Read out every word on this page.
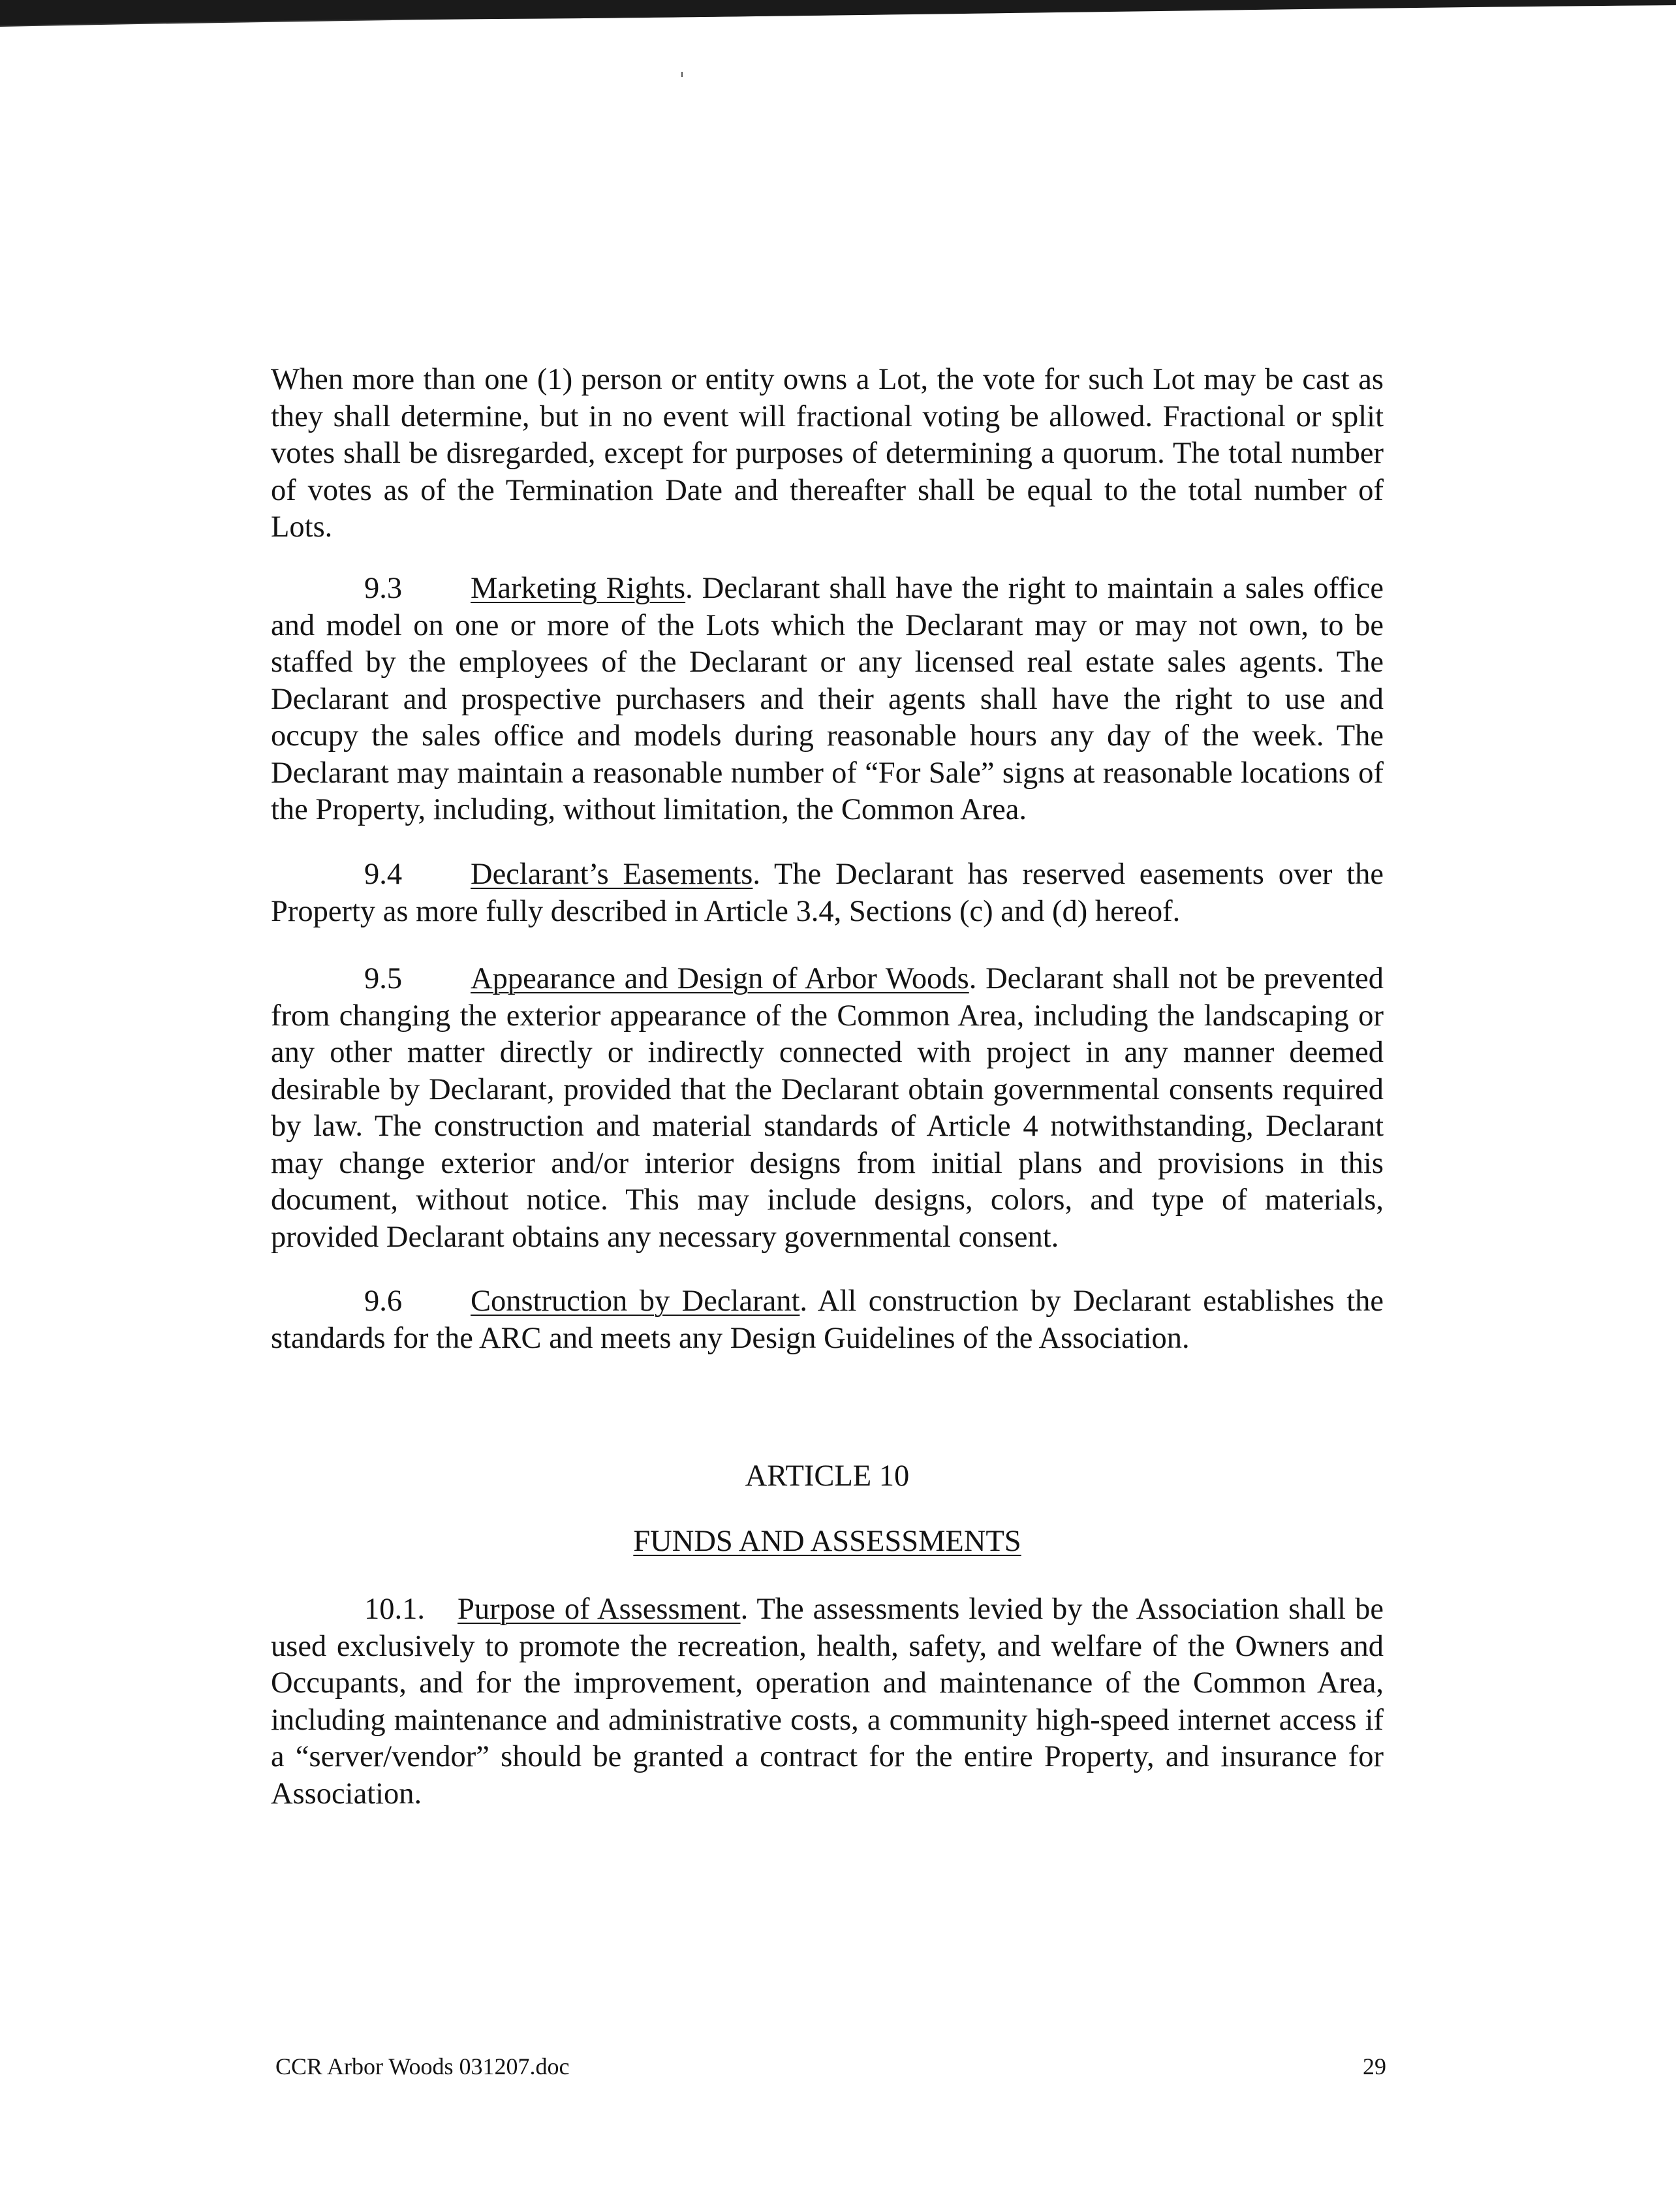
When more than one (1) person or entity owns a Lot, the vote for such Lot may be cast as they shall determine, but in no event will fractional voting be allowed. Fractional or split votes shall be disregarded, except for purposes of determining a quorum. The total number of votes as of the Termination Date and thereafter shall be equal to the total number of Lots.

9.3 Marketing Rights. Declarant shall have the right to maintain a sales office and model on one or more of the Lots which the Declarant may or may not own, to be staffed by the employees of the Declarant or any licensed real estate sales agents. The Declarant and prospective purchasers and their agents shall have the right to use and occupy the sales office and models during reasonable hours any day of the week. The Declarant may maintain a reasonable number of “For Sale” signs at reasonable locations of the Property, including, without limitation, the Common Area.

9.4 Declarant’s Easements. The Declarant has reserved easements over the Property as more fully described in Article 3.4, Sections (c) and (d) hereof.

9.5 Appearance and Design of Arbor Woods. Declarant shall not be prevented from changing the exterior appearance of the Common Area, including the landscaping or any other matter directly or indirectly connected with project in any manner deemed desirable by Declarant, provided that the Declarant obtain governmental consents required by law. The construction and material standards of Article 4 notwithstanding, Declarant may change exterior and/or interior designs from initial plans and provisions in this document, without notice. This may include designs, colors, and type of materials, provided Declarant obtains any necessary governmental consent.

9.6 Construction by Declarant. All construction by Declarant establishes the standards for the ARC and meets any Design Guidelines of the Association.

ARTICLE 10

FUNDS AND ASSESSMENTS

10.1. Purpose of Assessment. The assessments levied by the Association shall be used exclusively to promote the recreation, health, safety, and welfare of the Owners and Occupants, and for the improvement, operation and maintenance of the Common Area, including maintenance and administrative costs, a community high-speed internet access if a “server/vendor” should be granted a contract for the entire Property, and insurance for Association.

CCR Arbor Woods 031207.doc	29
